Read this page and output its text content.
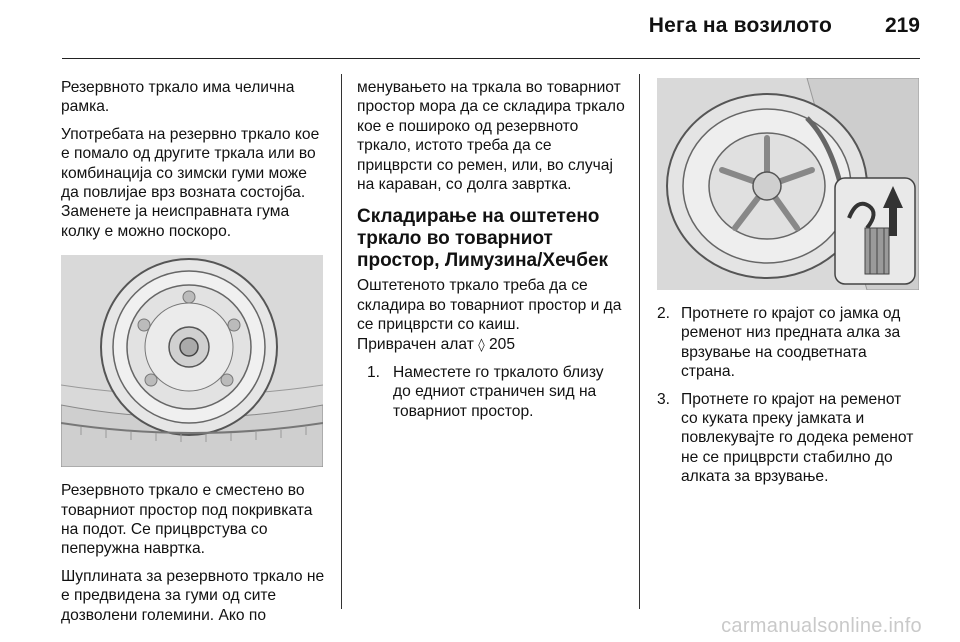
Нега на возилото	219

Резервното тркало има челична рамка.

Употребата на резервно тркало кое е помало од другите тркала или во комбинација со зимски гуми може да повлијае врз возната состојба. Заменете ја неисправната гума колку е можно поскоро.

Резервното тркало е сместено во товарниот простор под покривката на подот. Се прицврстува со пеперужна навртка.

Шуплината за резервното тркало не е предвидена за гуми од сите дозволени големини. Ако по

менувањето на тркала во товарниот простор мора да се складира тркало кое е пошироко од резервното тркало, истото треба да се прицврсти со ремен, или, во случај на караван, со долга завртка.

Складирање на оштетено тркало во товарниот простор, Лимузина/Хечбек

Оштетеното тркало треба да се складира во товарниот простор и да се прицврсти со каиш.

Приврачен алат ◊ 205

1. Наместете го тркалото близу до едниот страничен sид на товарниот простор.
2. Протнете го крајот со јамка од ременот низ предната алка за врзување на соодветната страна.
3. Протнете го крајот на ременот со куката преку јамката и повлекувајте го додека ременот не се прицврсти стабилно до алката за врзување.
carmanualsonline.info
